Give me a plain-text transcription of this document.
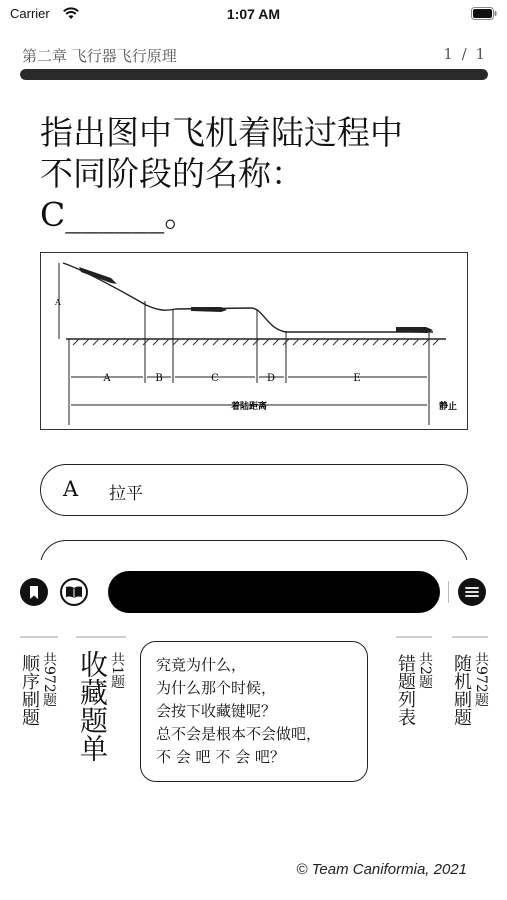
Carrier	1:07 AM
第二章 飞行器飞行原理	1 / 1
指出图中飞机着陆过程中
不同阶段的名称：
C______。
A
A	B	C	D	E
着陆距离	静止
A 拉平
顺序刷题 共972题 收藏题单 共1题 究竟为什么，
为什么那个时候，
会按下收藏键呢？
总不会是根本不会做吧，
不 会 吧 不 会 吧？
错题列表 共2题 随机刷题 共972题
© Team Caniformia, 2021
